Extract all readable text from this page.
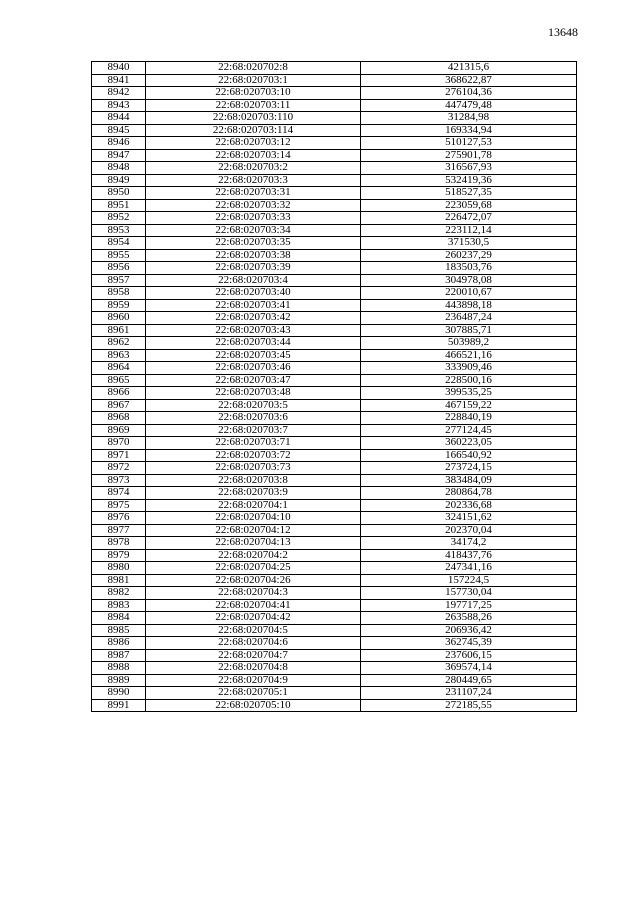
13648
8940	22:68:020702:8	421315,6
8941	22:68:020703:1	368622,87
8942	22:68:020703:10	276104,36
8943	22:68:020703:11	447479,48
8944	22:68:020703:110	31284,98
8945	22:68:020703:114	169334,94
8946	22:68:020703:12	510127,53
8947	22:68:020703:14	275901,78
8948	22:68:020703:2	316567,93
8949	22:68:020703:3	532419,36
8950	22:68:020703:31	518527,35
8951	22:68:020703:32	223059,68
8952	22:68:020703:33	226472,07
8953	22:68:020703:34	223112,14
8954	22:68:020703:35	371530,5
8955	22:68:020703:38	260237,29
8956	22:68:020703:39	183503,76
8957	22:68:020703:4	304978,08
8958	22:68:020703:40	220010,67
8959	22:68:020703:41	443898,18
8960	22:68:020703:42	236487,24
8961	22:68:020703:43	307885,71
8962	22:68:020703:44	503989,2
8963	22:68:020703:45	466521,16
8964	22:68:020703:46	333909,46
8965	22:68:020703:47	228500,16
8966	22:68:020703:48	399535,25
8967	22:68:020703:5	467159,22
8968	22:68:020703:6	228840,19
8969	22:68:020703:7	277124,45
8970	22:68:020703:71	360223,05
8971	22:68:020703:72	166540,92
8972	22:68:020703:73	273724,15
8973	22:68:020703:8	383484,09
8974	22:68:020703:9	280864,78
8975	22:68:020704:1	202336,68
8976	22:68:020704:10	324151,62
8977	22:68:020704:12	202370,04
8978	22:68:020704:13	34174,2
8979	22:68:020704:2	418437,76
8980	22:68:020704:25	247341,16
8981	22:68:020704:26	157224,5
8982	22:68:020704:3	157730,04
8983	22:68:020704:41	197717,25
8984	22:68:020704:42	263588,26
8985	22:68:020704:5	206936,42
8986	22:68:020704:6	362745,39
8987	22:68:020704:7	237606,15
8988	22:68:020704:8	369574,14
8989	22:68:020704:9	280449,65
8990	22:68:020705:1	231107,24
8991	22:68:020705:10	272185,55
